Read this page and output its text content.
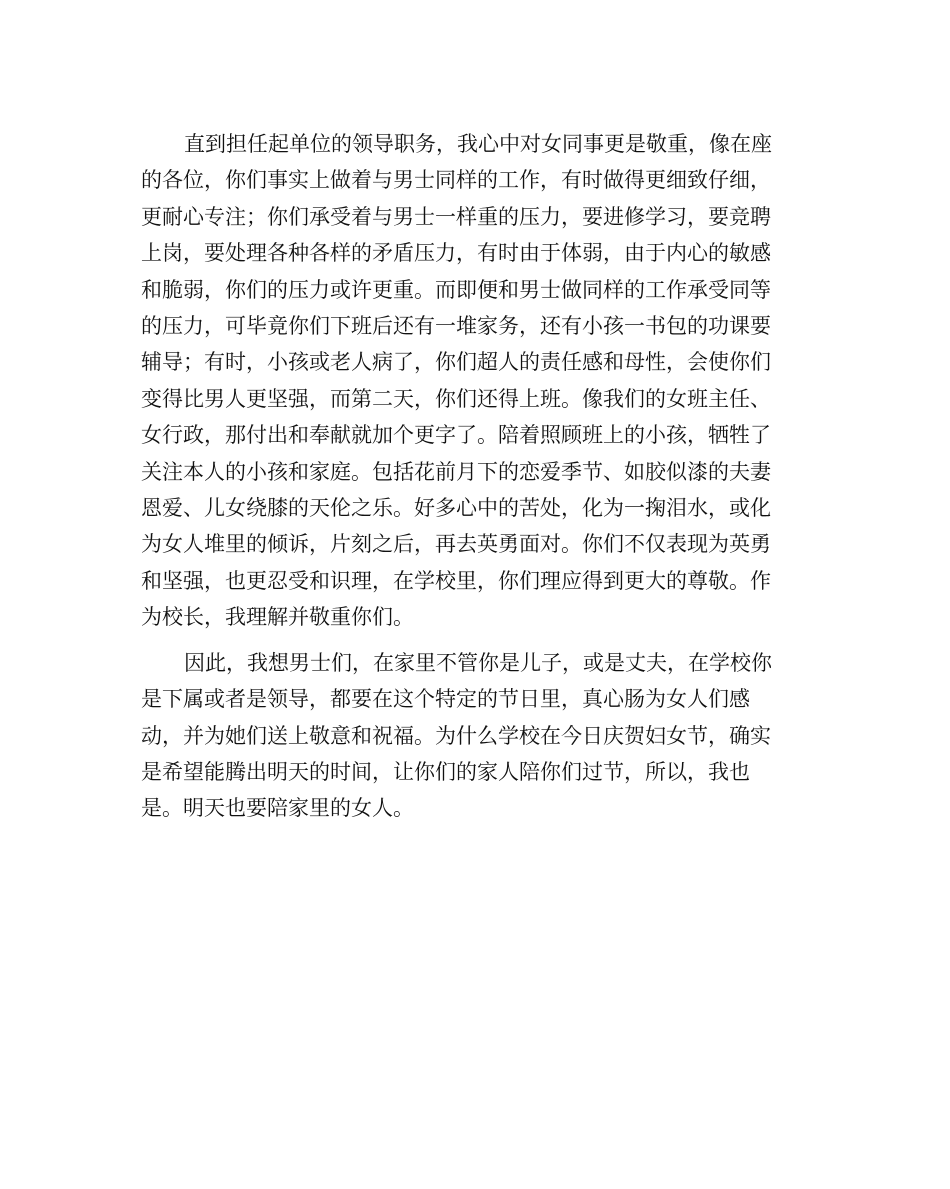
直到担任起单位的领导职务，我心中对女同事更是敬重，像在座

的各位，你们事实上做着与男士同样的工作，有时做得更细致仔细，

更耐心专注；你们承受着与男士一样重的压力，要进修学习，要竞聘

上岗，要处理各种各样的矛盾压力，有时由于体弱，由于内心的敏感

和脆弱，你们的压力或许更重。而即便和男士做同样的工作承受同等

的压力，可毕竟你们下班后还有一堆家务，还有小孩一书包的功课要

辅导；有时，小孩或老人病了，你们超人的责任感和母性，会使你们

变得比男人更坚强，而第二天，你们还得上班。像我们的女班主任、

女行政，那付出和奉献就加个更字了。陪着照顾班上的小孩，牺牲了

关注本人的小孩和家庭。包括花前月下的恋爱季节、如胶似漆的夫妻

恩爱、儿女绕膝的天伦之乐。好多心中的苦处，化为一掬泪水，或化

为女人堆里的倾诉，片刻之后，再去英勇面对。你们不仅表现为英勇

和坚强，也更忍受和识理，在学校里，你们理应得到更大的尊敬。作

为校长，我理解并敬重你们。

因此，我想男士们，在家里不管你是儿子，或是丈夫，在学校你

是下属或者是领导，都要在这个特定的节日里，真心肠为女人们感

动，并为她们送上敬意和祝福。为什么学校在今日庆贺妇女节，确实

是希望能腾出明天的时间，让你们的家人陪你们过节，所以，我也

是。明天也要陪家里的女人。
